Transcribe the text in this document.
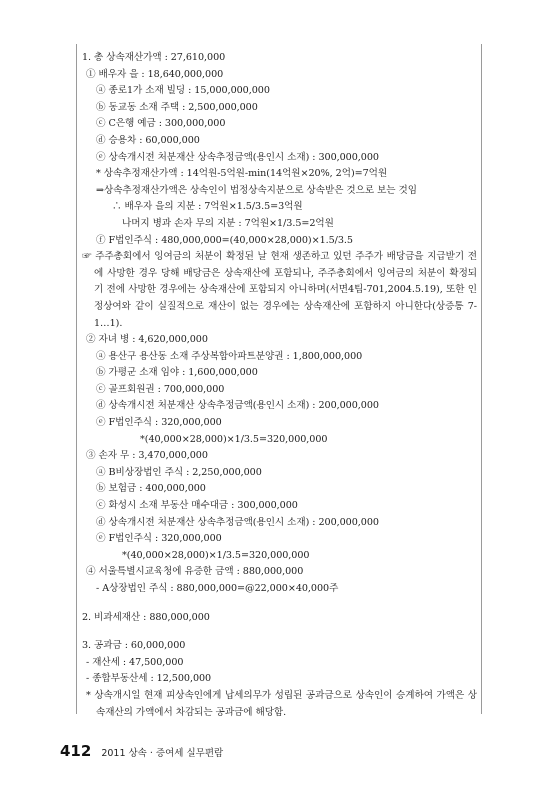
1. 총 상속재산가액 : 27,610,000
① 배우자 을 : 18,640,000,000
ⓐ 종로1가 소재 빌딩 : 15,000,000,000
ⓑ 동교동 소재 주택 : 2,500,000,000
ⓒ C은행 예금 : 300,000,000
ⓓ 승용차 : 60,000,000
ⓔ 상속개시전 처분재산 상속추정금액(용인시 소재) : 300,000,000
* 상속추정재산가액 : 14억원-5억원-min(14억원×20%, 2억)=7억원
⇒상속추정재산가액은 상속인이 법정상속지분으로 상속받은 것으로 보는 것임
∴ 배우자 을의 지분 : 7억원×1.5/3.5=3억원
나머지 병과 손자 무의 지분 : 7억원×1/3.5=2억원
ⓕ F법인주식 : 480,000,000=(40,000×28,000)×1.5/3.5
☞ 주주총회에서 잉여금의 처분이 확정된 날 현재 생존하고 있던 주주가 배당금을 지급받기 전에 사망한 경우 당해 배당금은 상속재산에 포함되나, 주주총회에서 잉여금의 처분이 확정되기 전에 사망한 경우에는 상속재산에 포함되지 아니하며(서면4팀-701,2004.5.19), 또한 인정상여와 같이 실질적으로 재산이 없는 경우에는 상속재산에 포함하지 아니한다(상증통 7-1…1).
② 자녀 병 : 4,620,000,000
ⓐ 용산구 용산동 소재 주상복합아파트분양권 : 1,800,000,000
ⓑ 가평군 소재 임야 : 1,600,000,000
ⓒ 골프회원권 : 700,000,000
ⓓ 상속개시전 처분재산 상속추정금액(용인시 소재) : 200,000,000
ⓔ F법인주식 : 320,000,000
*(40,000×28,000)×1/3.5=320,000,000
③ 손자 무 : 3,470,000,000
ⓐ B비상장법인 주식 : 2,250,000,000
ⓑ 보험금 : 400,000,000
ⓒ 화성시 소재 부동산 매수대금 : 300,000,000
ⓓ 상속개시전 처분재산 상속추정금액(용인시 소재) : 200,000,000
ⓔ F법인주식 : 320,000,000
*(40,000×28,000)×1/3.5=320,000,000
④ 서울특별시교육청에 유증한 금액 : 880,000,000
- A상장법인 주식 : 880,000,000=@22,000×40,000주
2. 비과세재산 : 880,000,000
3. 공과금 : 60,000,000
- 재산세 : 47,500,000
- 종합부동산세 : 12,500,000
* 상속개시일 현재 피상속인에게 납세의무가 성립된 공과금으로 상속인이 승계하여 가액은 상속재산의 가액에서 차감되는 공과금에 해당함.
412 2011 상속 · 증여세 실무편람
